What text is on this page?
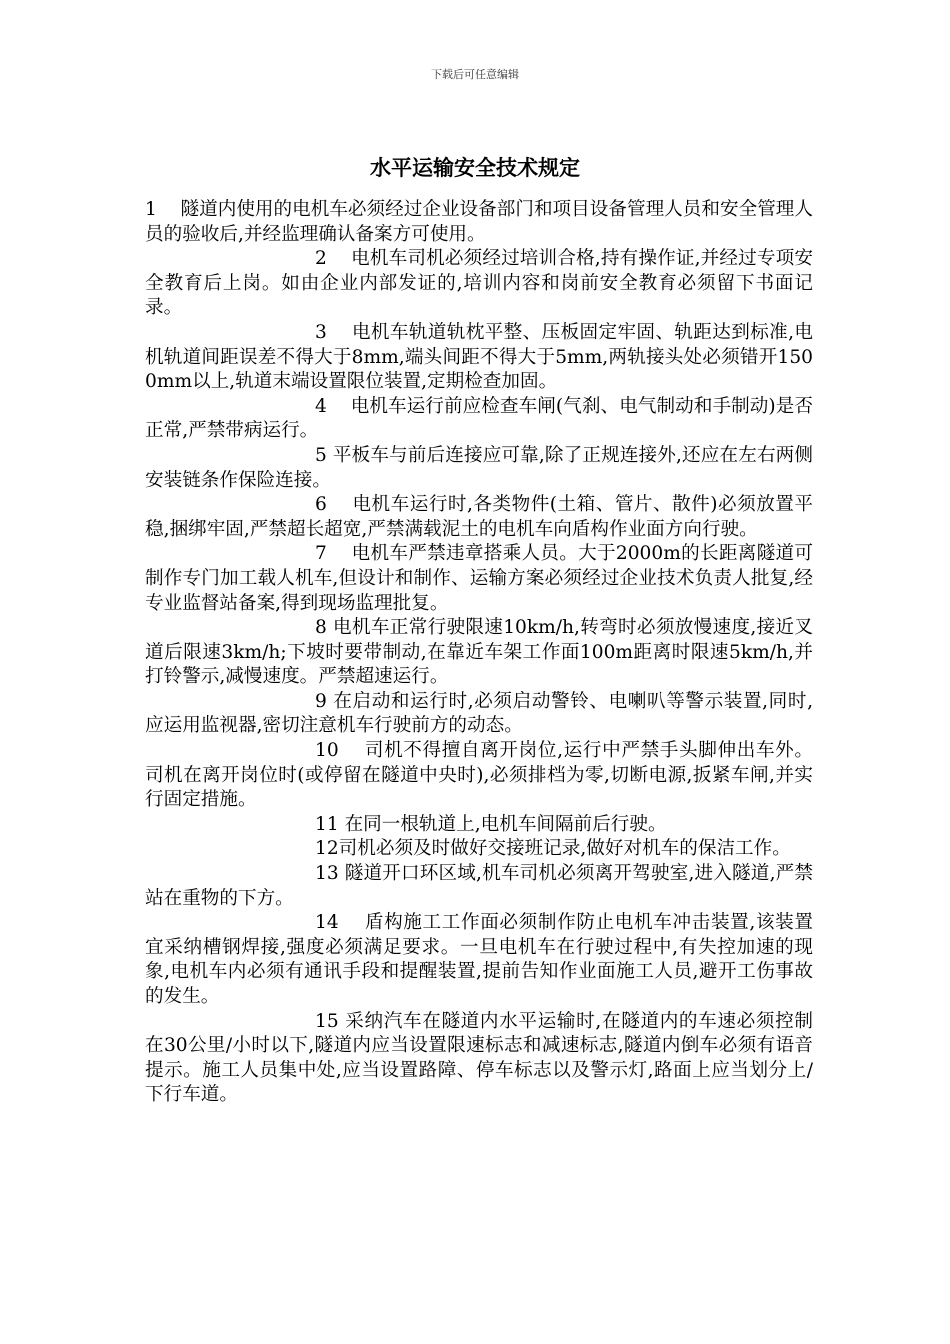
下载后可任意编辑
水平运输安全技术规定

1    隧道内使用的电机车必须经过企业设备部门和项目设备管理人员和安全管理人员的验收后,并经监理确认备案方可使用。

2    电机车司机必须经过培训合格,持有操作证,并经过专项安全教育后上岗。如由企业内部发证的,培训内容和岗前安全教育必须留下书面记录。

3    电机车轨道轨枕平整、压板固定牢固、轨距达到标准,电机轨道间距误差不得大于8mm,端头间距不得大于5mm,两轨接头处必须错开1500mm以上,轨道末端设置限位装置,定期检查加固。

4    电机车运行前应检查车闸(气刹、电气制动和手制动)是否正常,严禁带病运行。

5 平板车与前后连接应可靠,除了正规连接外,还应在左右两侧安装链条作保险连接。

6    电机车运行时,各类物件(土箱、管片、散件)必须放置平稳,捆绑牢固,严禁超长超宽,严禁满载泥土的电机车向盾构作业面方向行驶。

7    电机车严禁违章搭乘人员。大于2000m的长距离隧道可制作专门加工载人机车,但设计和制作、运输方案必须经过企业技术负责人批复,经专业监督站备案,得到现场监理批复。

8 电机车正常行驶限速10km/h,转弯时必须放慢速度,接近叉道后限速3km/h;下坡时要带制动,在靠近车架工作面100m距离时限速5km/h,并打铃警示,减慢速度。严禁超速运行。

9 在启动和运行时,必须启动警铃、电喇叭等警示装置,同时,应运用监视器,密切注意机车行驶前方的动态。

10    司机不得擅自离开岗位,运行中严禁手头脚伸出车外。司机在离开岗位时(或停留在隧道中央时),必须排档为零,切断电源,扳紧车闸,并实行固定措施。

11 在同一根轨道上,电机车间隔前后行驶。

12司机必须及时做好交接班记录,做好对机车的保洁工作。

13 隧道开口环区域,机车司机必须离开驾驶室,进入隧道,严禁站在重物的下方。

14    盾构施工工作面必须制作防止电机车冲击装置,该装置宜采纳槽钢焊接,强度必须满足要求。一旦电机车在行驶过程中,有失控加速的现象,电机车内必须有通讯手段和提醒装置,提前告知作业面施工人员,避开工伤事故的发生。

15 采纳汽车在隧道内水平运输时,在隧道内的车速必须控制在30公里/小时以下,隧道内应当设置限速标志和减速标志,隧道内倒车必须有语音提示。施工人员集中处,应当设置路障、停车标志以及警示灯,路面上应当划分上/下行车道。
